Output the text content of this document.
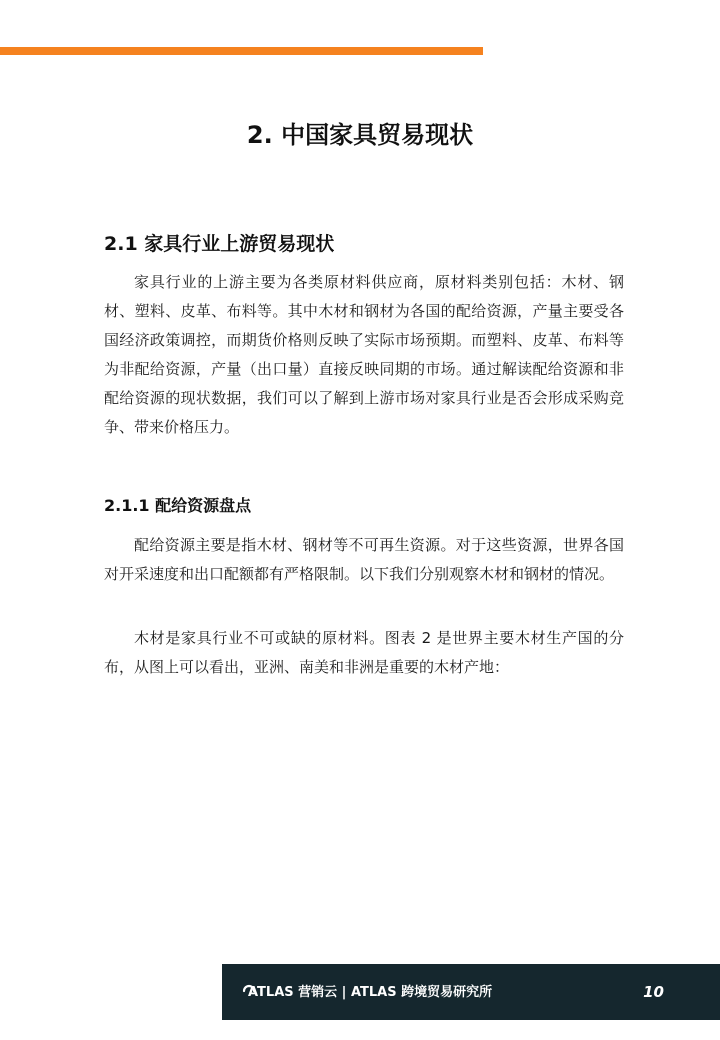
2. 中国家具贸易现状
2.1 家具行业上游贸易现状

家具行业的上游主要为各类原材料供应商，原材料类别包括：木材、钢材、塑料、皮革、布料等。其中木材和钢材为各国的配给资源，产量主要受各国经济政策调控，而期货价格则反映了实际市场预期。而塑料、皮革、布料等为非配给资源，产量（出口量）直接反映同期的市场。通过解读配给资源和非配给资源的现状数据，我们可以了解到上游市场对家具行业是否会形成采购竞争、带来价格压力。

2.1.1 配给资源盘点

配给资源主要是指木材、钢材等不可再生资源。对于这些资源，世界各国对开采速度和出口配额都有严格限制。以下我们分别观察木材和钢材的情况。

木材是家具行业不可或缺的原材料。图表 2 是世界主要木材生产国的分布，从图上可以看出，亚洲、南美和非洲是重要的木材产地：

ATLAS 营销云 | ATLAS 跨境贸易研究所	10
